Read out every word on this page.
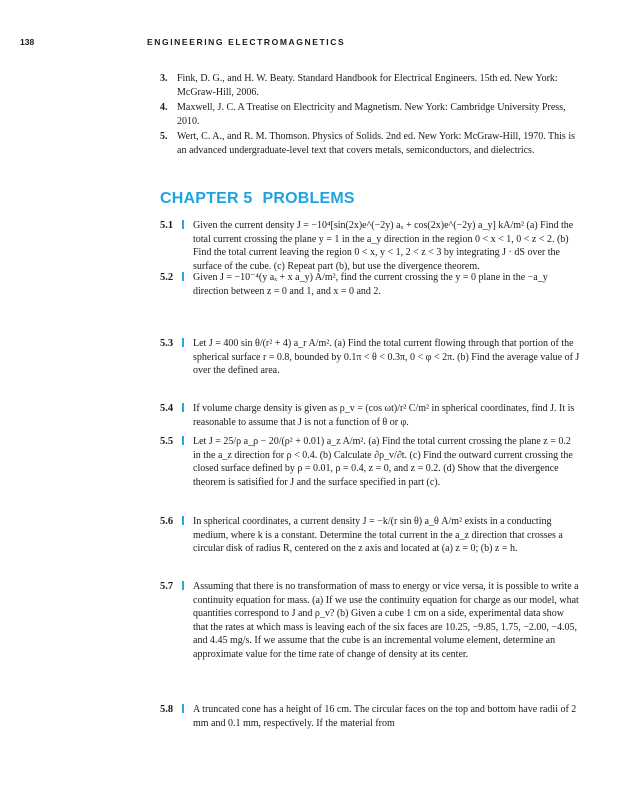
138	ENGINEERING ELECTROMAGNETICS
3. Fink, D. G., and H. W. Beaty. Standard Handbook for Electrical Engineers. 15th ed. New York: McGraw-Hill, 2006.
4. Maxwell, J. C. A Treatise on Electricity and Magnetism. New York: Cambridge University Press, 2010.
5. Wert, C. A., and R. M. Thomson. Physics of Solids. 2nd ed. New York: McGraw-Hill, 1970. This is an advanced undergraduate-level text that covers metals, semiconductors, and dielectrics.
CHAPTER 5 PROBLEMS
5.1 Given the current density J = −10⁴[sin(2x)e^(−2y) aₓ + cos(2x)e^(−2y) a_y] kA/m² (a) Find the total current crossing the plane y = 1 in the a_y direction in the region 0 < x < 1, 0 < z < 2. (b) Find the total current leaving the region 0 < x, y < 1, 2 < z < 3 by integrating J · dS over the surface of the cube. (c) Repeat part (b), but use the divergence theorem.
5.2 Given J = −10⁻⁴(y aₓ + x a_y) A/m², find the current crossing the y = 0 plane in the −a_y direction between z = 0 and 1, and x = 0 and 2.
5.3 Let J = 400 sin θ/(r² + 4) a_r A/m². (a) Find the total current flowing through that portion of the spherical surface r = 0.8, bounded by 0.1π < θ < 0.3π, 0 < φ < 2π. (b) Find the average value of J over the defined area.
5.4 If volume charge density is given as ρ_v = (cos ωt)/r² C/m² in spherical coordinates, find J. It is reasonable to assume that J is not a function of θ or φ.
5.5 Let J = 25/ρ a_ρ − 20/(ρ² + 0.01) a_z A/m². (a) Find the total current crossing the plane z = 0.2 in the a_z direction for ρ < 0.4. (b) Calculate ∂ρ_v/∂t. (c) Find the outward current crossing the closed surface defined by ρ = 0.01, ρ = 0.4, z = 0, and z = 0.2. (d) Show that the divergence theorem is satisified for J and the surface specified in part (c).
5.6 In spherical coordinates, a current density J = −k/(r sin θ) a_θ A/m² exists in a conducting medium, where k is a constant. Determine the total current in the a_z direction that crosses a circular disk of radius R, centered on the z axis and located at (a) z = 0; (b) z = h.
5.7 Assuming that there is no transformation of mass to energy or vice versa, it is possible to write a continuity equation for mass. (a) If we use the continuity equation for charge as our model, what quantities correspond to J and ρ_v? (b) Given a cube 1 cm on a side, experimental data show that the rates at which mass is leaving each of the six faces are 10.25, −9.85, 1.75, −2.00, −4.05, and 4.45 mg/s. If we assume that the cube is an incremental volume element, determine an approximate value for the time rate of change of density at its center.
5.8 A truncated cone has a height of 16 cm. The circular faces on the top and bottom have radii of 2 mm and 0.1 mm, respectively. If the material from
